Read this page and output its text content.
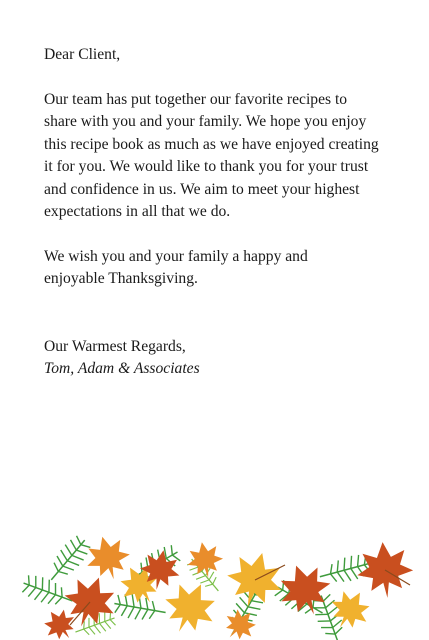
Dear Client,

Our team has put together our favorite recipes to
share with you and your family. We hope you enjoy
this recipe book as much as we have enjoyed creating
it for you. We would like to thank you for your trust
and confidence in us. We aim to meet your highest
expectations in all that we do.

We wish you and your family a happy and
enjoyable Thanksgiving.

Our Warmest Regards,

Tom, Adam & Associates
